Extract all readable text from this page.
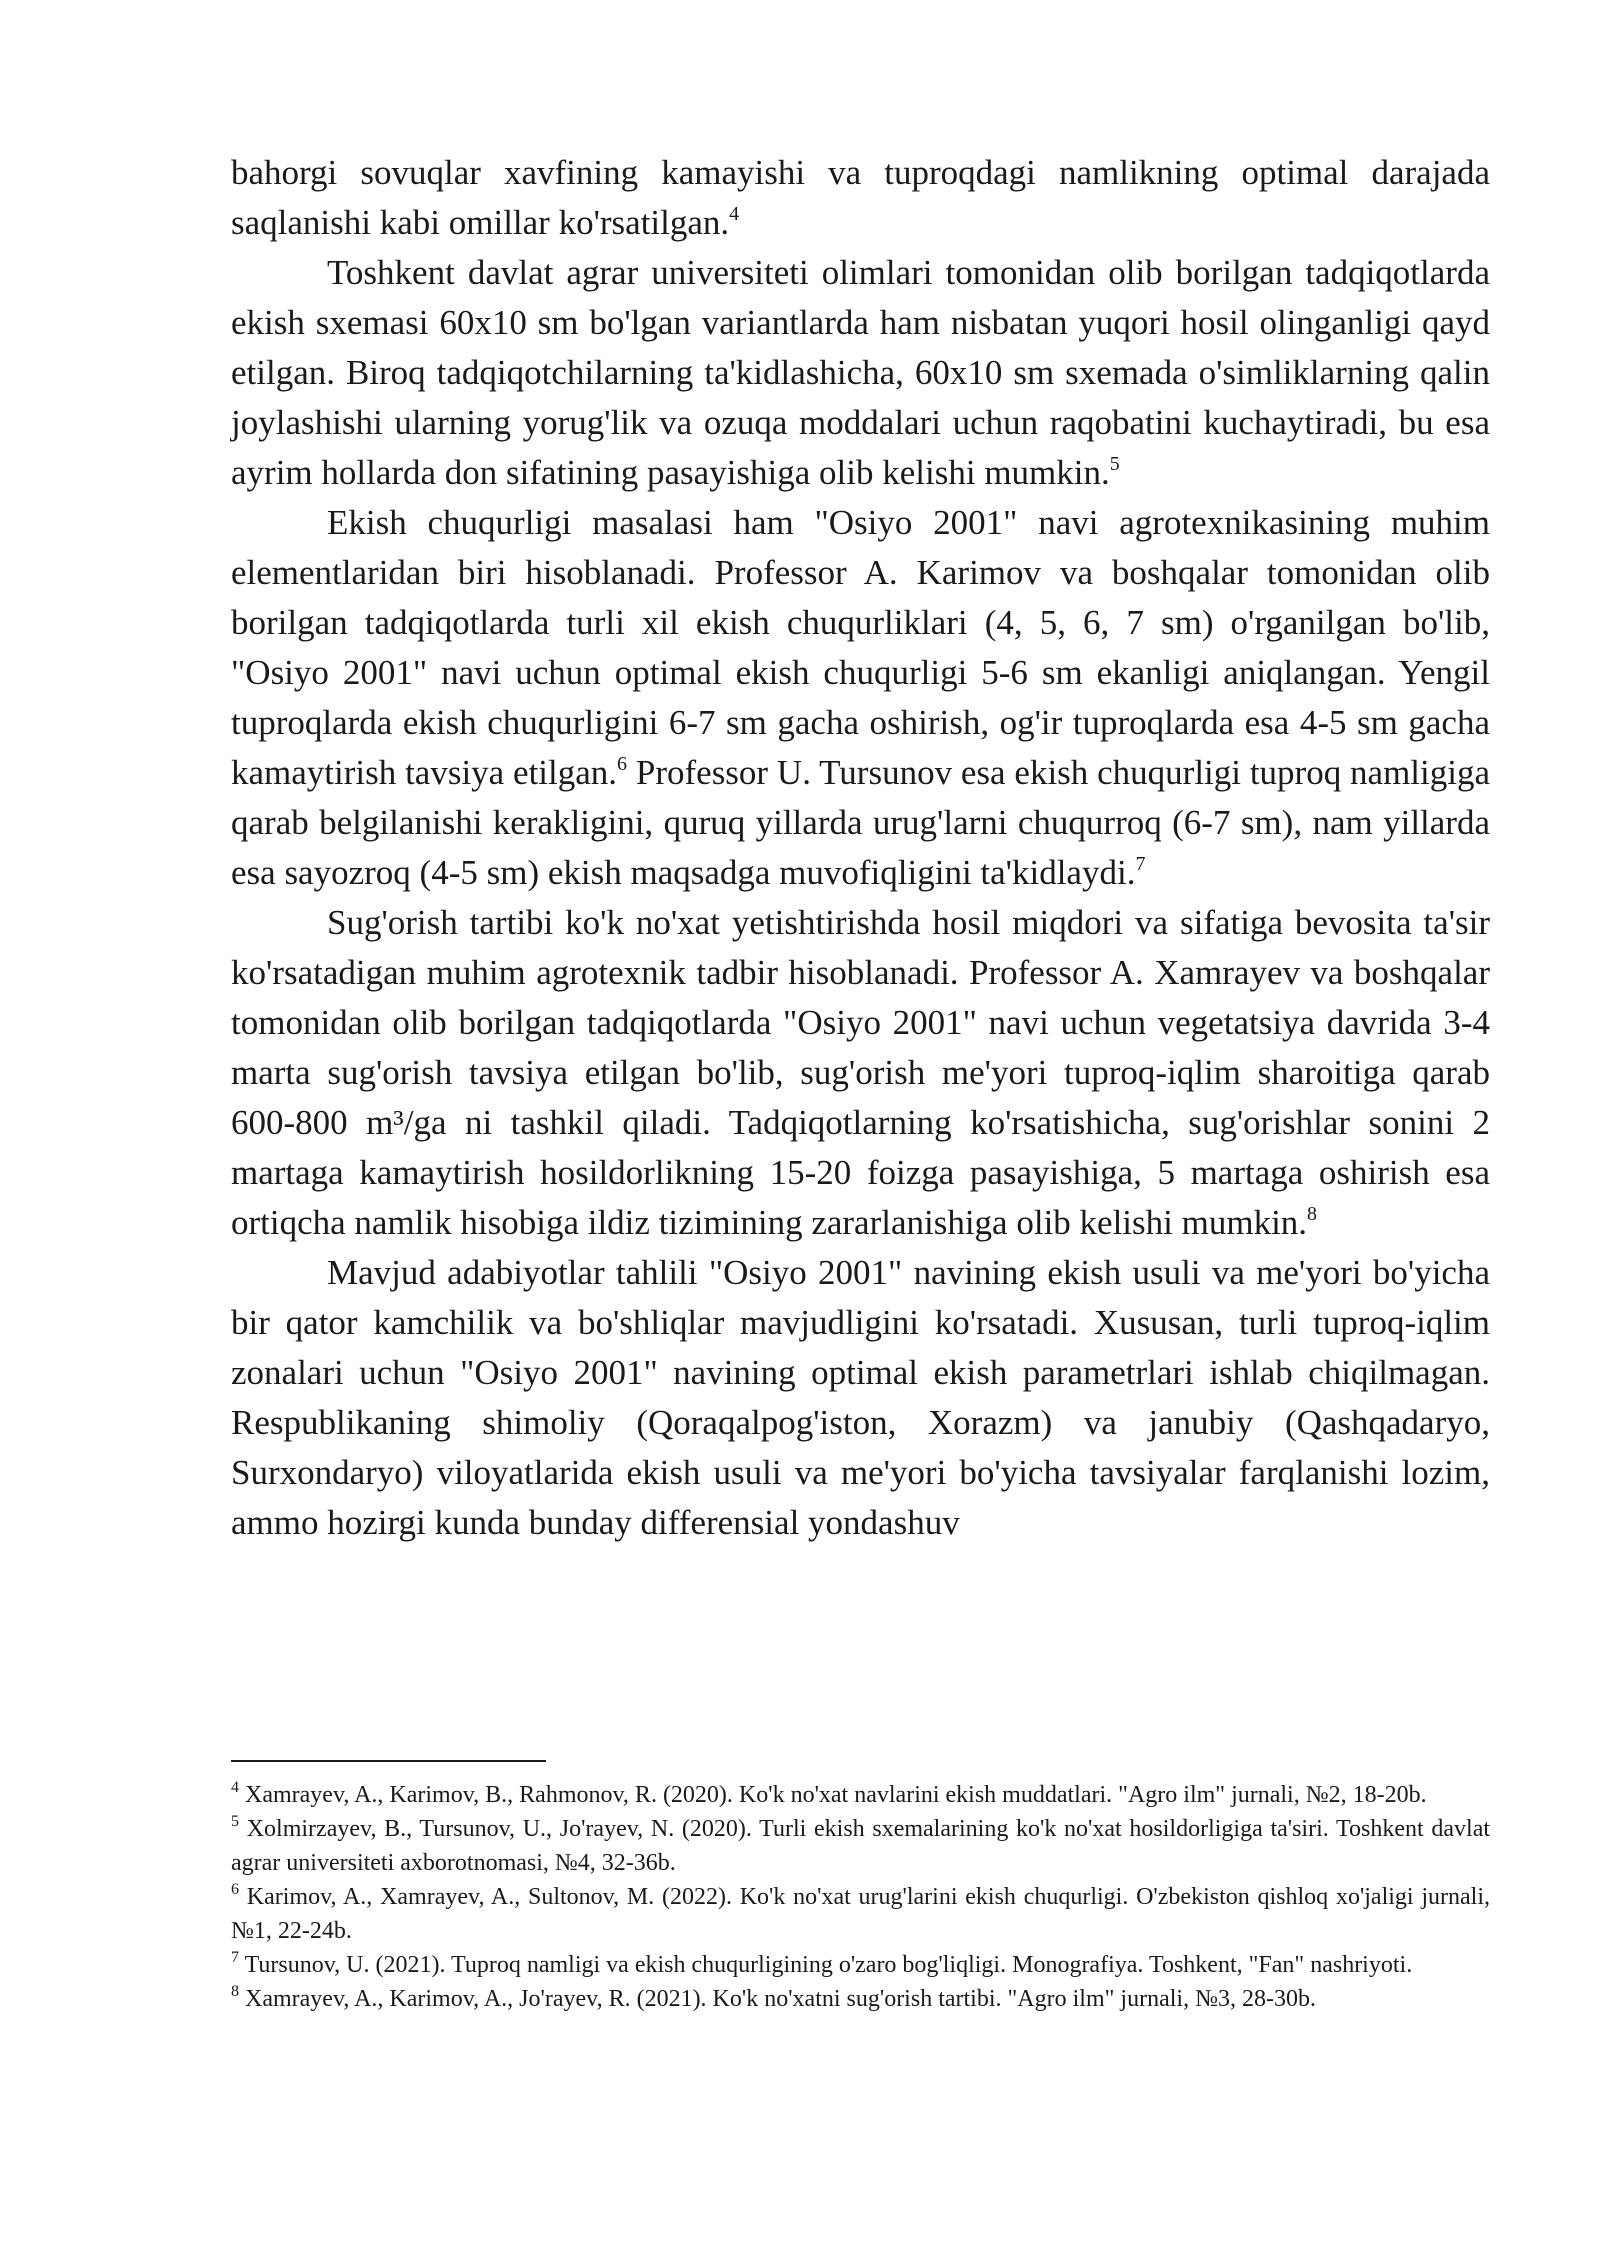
bahorgi sovuqlar xavfining kamayishi va tuproqdagi namlikning optimal darajada saqlanishi kabi omillar ko'rsatilgan.$^4$

Toshkent davlat agrar universiteti olimlari tomonidan olib borilgan tadqiqotlarda ekish sxemasi 60x10 sm bo'lgan variantlarda ham nisbatan yuqori hosil olinganligi qayd etilgan. Biroq tadqiqotchilarning ta'kidlashicha, 60x10 sm sxemada o'simliklarning qalin joylashishi ularning yorug'lik va ozuqa moddalari uchun raqobatini kuchaytiradi, bu esa ayrim hollarda don sifatining pasayishiga olib kelishi mumkin.$^5$

Ekish chuqurligi masalasi ham "Osiyo 2001" navi agrotexnikasining muhim elementlaridan biri hisoblanadi. Professor A. Karimov va boshqalar tomonidan olib borilgan tadqiqotlarda turli xil ekish chuqurliklari (4, 5, 6, 7 sm) o'rganilgan bo'lib, "Osiyo 2001" navi uchun optimal ekish chuqurligi 5-6 sm ekanligi aniqlangan. Yengil tuproqlarda ekish chuqurligini 6-7 sm gacha oshirish, og'ir tuproqlarda esa 4-5 sm gacha kamaytirish tavsiya etilgan.$^6$ Professor U. Tursunov esa ekish chuqurligi tuproq namligiga qarab belgilanishi kerakligini, quruq yillarda urug'larni chuqurroq (6-7 sm), nam yillarda esa sayozroq (4-5 sm) ekish maqsadga muvofiqligini ta'kidlaydi.$^7$

Sug'orish tartibi ko'k no'xat yetishtirishda hosil miqdori va sifatiga bevosita ta'sir ko'rsatadigan muhim agrotexnik tadbir hisoblanadi. Professor A. Xamrayev va boshqalar tomonidan olib borilgan tadqiqotlarda "Osiyo 2001" navi uchun vegetatsiya davrida 3-4 marta sug'orish tavsiya etilgan bo'lib, sug'orish me'yori tuproq-iqlim sharoitiga qarab 600-800 m³/ga ni tashkil qiladi. Tadqiqotlarning ko'rsatishicha, sug'orishlar sonini 2 martaga kamaytirish hosildorlikning 15-20 foizga pasayishiga, 5 martaga oshirish esa ortiqcha namlik hisobiga ildiz tizimining zararlanishiga olib kelishi mumkin.$^8$

Mavjud adabiyotlar tahlili "Osiyo 2001" navining ekish usuli va me'yori bo'yicha bir qator kamchilik va bo'shliqlar mavjudligini ko'rsatadi. Xususan, turli tuproq-iqlim zonalari uchun "Osiyo 2001" navining optimal ekish parametrlari ishlab chiqilmagan. Respublikaning shimoliy (Qoraqalpog'iston, Xorazm) va janubiy (Qashqadaryo, Surxondaryo) viloyatlarida ekish usuli va me'yori bo'yicha tavsiyalar farqlanishi lozim, ammo hozirgi kunda bunday differensial yondashuv

$^4$ Xamrayev, A., Karimov, B., Rahmonov, R. (2020). Ko'k no'xat navlarini ekish muddatlari. "Agro ilm" jurnali, №2, 18-20b.

$^5$ Xolmirzayev, B., Tursunov, U., Jo'rayev, N. (2020). Turli ekish sxemalarining ko'k no'xat hosildorligiga ta'siri. Toshkent davlat agrar universiteti axborotnomasi, №4, 32-36b.

$^6$ Karimov, A., Xamrayev, A., Sultonov, M. (2022). Ko'k no'xat urug'larini ekish chuqurligi. O'zbekiston qishloq xo'jaligi jurnali, №1, 22-24b.

$^7$ Tursunov, U. (2021). Tuproq namligi va ekish chuqurligining o'zaro bog'liqligi. Monografiya. Toshkent, "Fan" nashriyoti.

$^8$ Xamrayev, A., Karimov, A., Jo'rayev, R. (2021). Ko'k no'xatni sug'orish tartibi. "Agro ilm" jurnali, №3, 28-30b.
